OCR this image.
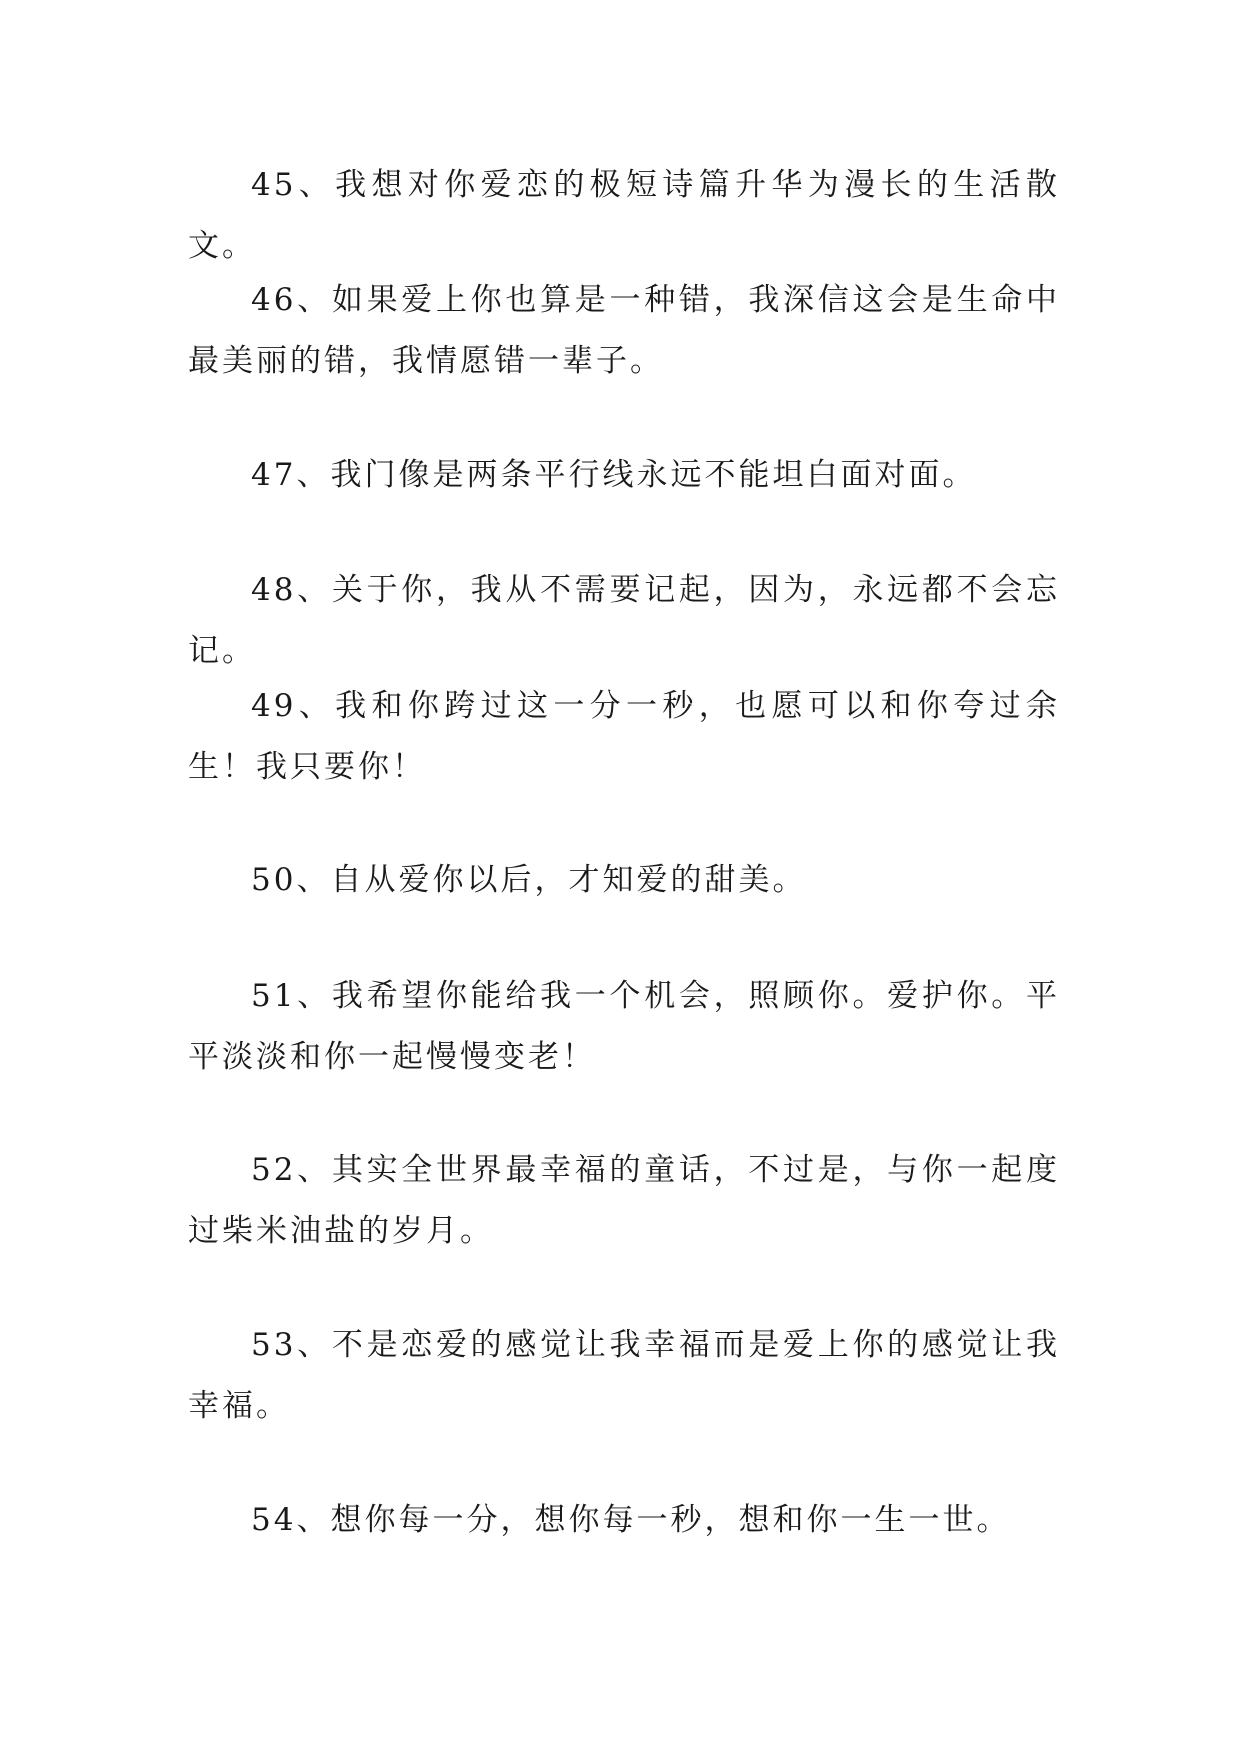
45、我想对你爱恋的极短诗篇升华为漫长的生活散文。

46、如果爱上你也算是一种错，我深信这会是生命中最美丽的错，我情愿错一辈子。

47、我门像是两条平行线永远不能坦白面对面。

48、关于你，我从不需要记起，因为，永远都不会忘记。

49、我和你跨过这一分一秒，也愿可以和你夸过余生！我只要你！

50、自从爱你以后，才知爱的甜美。

51、我希望你能给我一个机会，照顾你。爱护你。平平淡淡和你一起慢慢变老！

52、其实全世界最幸福的童话，不过是，与你一起度过柴米油盐的岁月。

53、不是恋爱的感觉让我幸福而是爱上你的感觉让我幸福。

54、想你每一分，想你每一秒，想和你一生一世。
